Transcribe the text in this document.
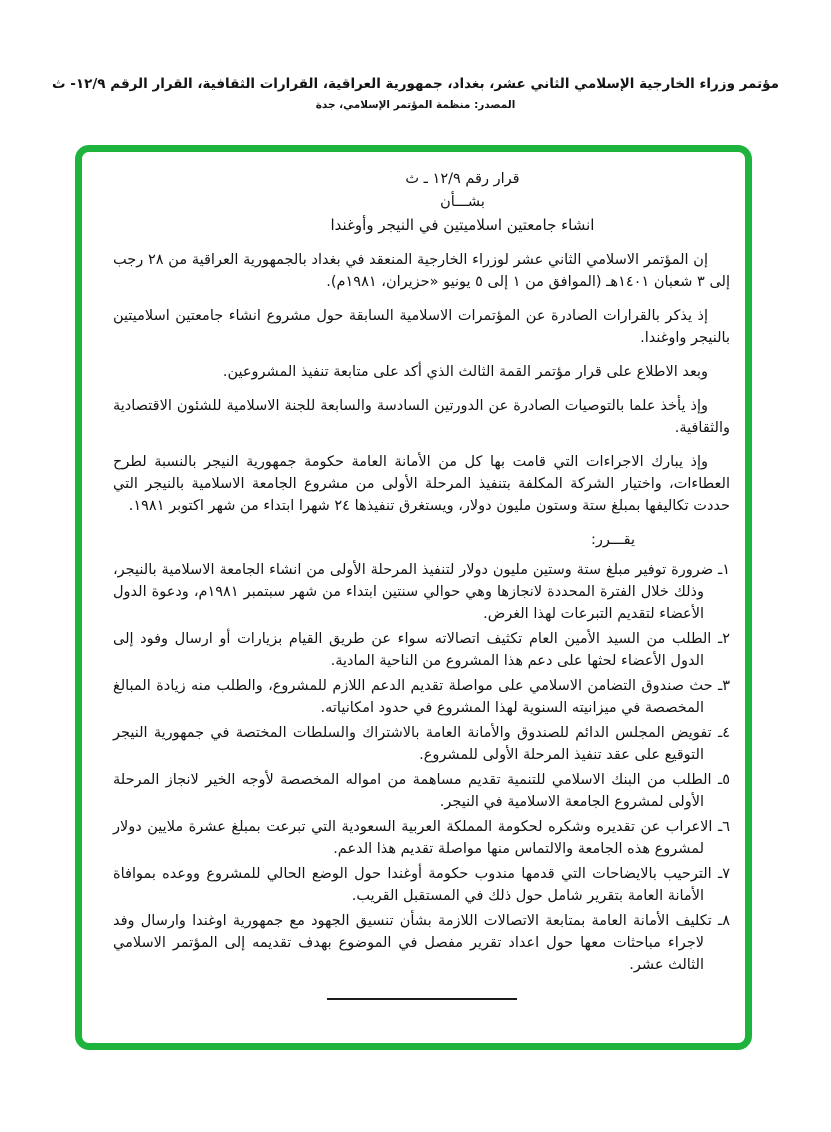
مؤتمر وزراء الخارجية الإسلامي الثاني عشر، بغداد، جمهورية العراقية، القرارات الثقافية، القرار الرقم ١٢/٩- ث
المصدر: منظمة المؤتمر الإسلامي، جدة
قرار رقم ١٢/٩ ـ ث
بشـــأن
انشاء جامعتين اسلاميتين في النيجر وأوغندا

إن المؤتمر الاسلامي الثاني عشر لوزراء الخارجية المنعقد في بغداد بالجمهورية العراقية من ٢٨ رجب إلى ٣ شعبان ١٤٠١هـ (الموافق من ١ إلى ٥ يونيو «حزيران، ١٩٨١م).

إذ يذكر بالقرارات الصادرة عن المؤتمرات الاسلامية السابقة حول مشروع انشاء جامعتين اسلاميتين بالنيجر واوغندا.

وبعد الاطلاع على قرار مؤتمر القمة الثالث الذي أكد على متابعة تنفيذ المشروعين.

وإذ يأخذ علما بالتوصيات الصادرة عن الدورتين السادسة والسابعة للجنة الاسلامية للشئون الاقتصادية والثقافية.

وإذ يبارك الاجراءات التي قامت بها كل من الأمانة العامة حكومة جمهورية النيجر بالنسبة لطرح العطاءات، واختيار الشركة المكلفة بتنفيذ المرحلة الأولى من مشروع الجامعة الاسلامية بالنيجر التي حددت تكاليفها بمبلغ ستة وستون مليون دولار، ويستغرق تنفيذها ٢٤ شهرا ابتداء من شهر اكتوبر ١٩٨١.

يقـــرر:
١ـ ضرورة توفير مبلغ ستة وستين مليون دولار لتنفيذ المرحلة الأولى من انشاء الجامعة الاسلامية بالنيجر، وذلك خلال الفترة المحددة لانجازها وهي حوالي سنتين ابتداء من شهر سبتمبر ١٩٨١م، ودعوة الدول الأعضاء لتقديم التبرعات لهذا الغرض.
٢ـ الطلب من السيد الأمين العام تكثيف اتصالاته سواء عن طريق القيام بزيارات أو ارسال وفود إلى الدول الأعضاء لحثها على دعم هذا المشروع من الناحية المادية.
٣ـ حث صندوق التضامن الاسلامي على مواصلة تقديم الدعم اللازم للمشروع، والطلب منه زيادة المبالغ المخصصة في ميزانيته السنوية لهذا المشروع في حدود امكانياته.
٤ـ تفويض المجلس الدائم للصندوق والأمانة العامة بالاشتراك والسلطات المختصة في جمهورية النيجر التوقيع على عقد تنفيذ المرحلة الأولى للمشروع.
٥ـ الطلب من البنك الاسلامي للتنمية تقديم مساهمة من امواله المخصصة لأوجه الخير لانجاز المرحلة الأولى لمشروع الجامعة الاسلامية في النيجر.
٦ـ الاعراب عن تقديره وشكره لحكومة المملكة العربية السعودية التي تبرعت بمبلغ عشرة ملايين دولار لمشروع هذه الجامعة والالتماس منها مواصلة تقديم هذا الدعم.
٧ـ الترحيب بالايضاحات التي قدمها مندوب حكومة أوغندا حول الوضع الحالي للمشروع ووعده بموافاة الأمانة العامة بتقرير شامل حول ذلك في المستقبل القريب.
٨ـ تكليف الأمانة العامة بمتابعة الاتصالات اللازمة بشأن تنسيق الجهود مع جمهورية اوغندا وارسال وفد لاجراء مباحثات معها حول اعداد تقرير مفصل في الموضوع بهدف تقديمه إلى المؤتمر الاسلامي الثالث عشر.
